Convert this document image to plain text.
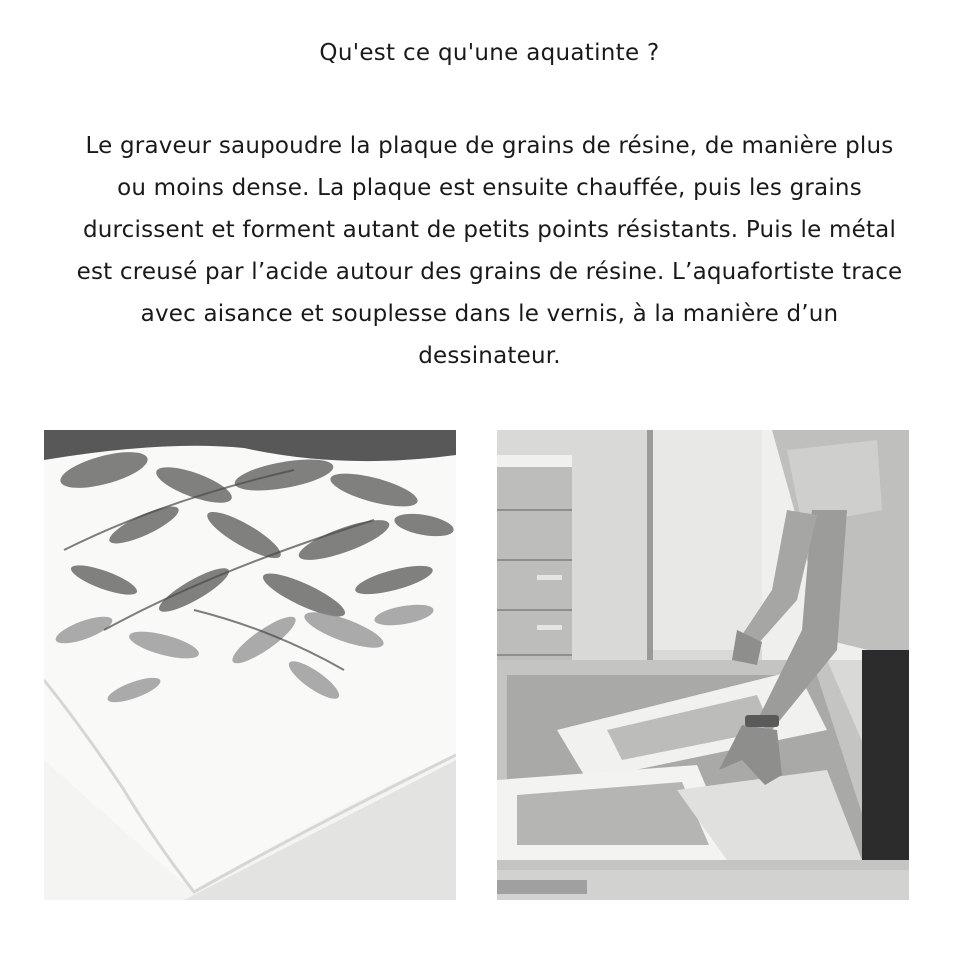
Qu'est ce qu'une aquatinte ?

Le graveur saupoudre la plaque de grains de résine, de manière plus
ou moins dense. La plaque est ensuite chauffée, puis les grains
durcissent et forment autant de petits points résistants. Puis le métal
est creusé par l’acide autour des grains de résine. L’aquafortiste trace
avec aisance et souplesse dans le vernis, à la manière d’un
dessinateur.
